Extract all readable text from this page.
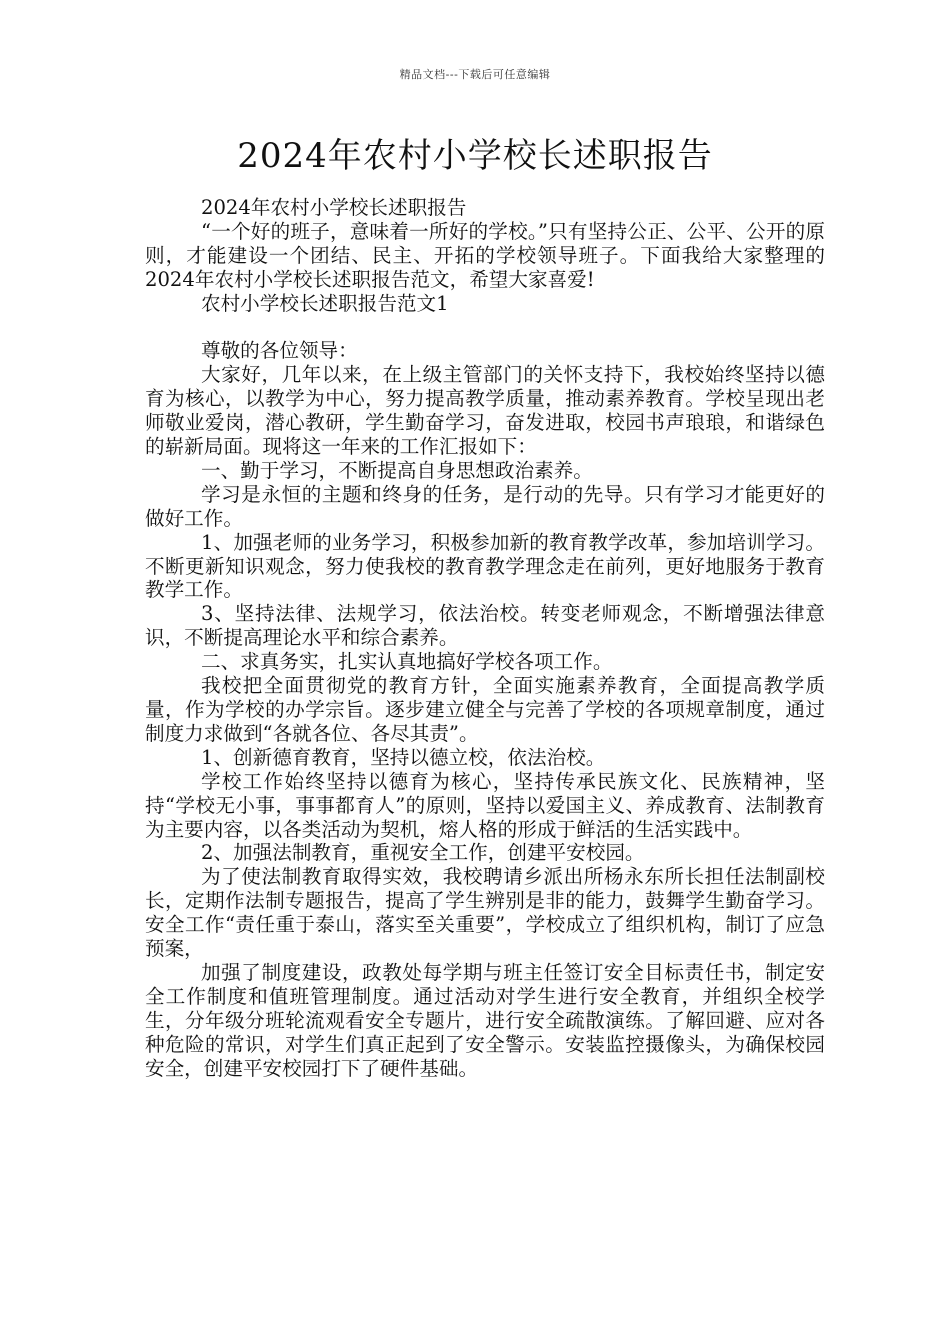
精品文档---下载后可任意编辑
2024年农村小学校长述职报告

2024年农村小学校长述职报告

“一个好的班子，意味着一所好的学校。”只有坚持公正、公平、公开的原则，才能建设一个团结、民主、开拓的学校领导班子。下面我给大家整理的2024年农村小学校长述职报告范文，希望大家喜爱!

农村小学校长述职报告范文1

尊敬的各位领导：

大家好，几年以来，在上级主管部门的关怀支持下，我校始终坚持以德育为核心，以教学为中心，努力提高教学质量，推动素养教育。学校呈现出老师敬业爱岗，潜心教研，学生勤奋学习，奋发进取，校园书声琅琅，和谐绿色的崭新局面。现将这一年来的工作汇报如下：

一、勤于学习，不断提高自身思想政治素养。

学习是永恒的主题和终身的任务，是行动的先导。只有学习才能更好的做好工作。

1、加强老师的业务学习，积极参加新的教育教学改革，参加培训学习。不断更新知识观念，努力使我校的教育教学理念走在前列，更好地服务于教育教学工作。

3、坚持法律、法规学习，依法治校。转变老师观念，不断增强法律意识，不断提高理论水平和综合素养。

二、求真务实，扎实认真地搞好学校各项工作。

我校把全面贯彻党的教育方针，全面实施素养教育，全面提高教学质量，作为学校的办学宗旨。逐步建立健全与完善了学校的各项规章制度，通过制度力求做到“各就各位、各尽其责”。

1、创新德育教育，坚持以德立校，依法治校。

学校工作始终坚持以德育为核心，坚持传承民族文化、民族精神，坚持“学校无小事，事事都育人”的原则，坚持以爱国主义、养成教育、法制教育为主要内容，以各类活动为契机，熔人格的形成于鲜活的生活实践中。

2、加强法制教育，重视安全工作，创建平安校园。

为了使法制教育取得实效，我校聘请乡派出所杨永东所长担任法制副校长，定期作法制专题报告，提高了学生辨别是非的能力，鼓舞学生勤奋学习。安全工作“责任重于泰山，落实至关重要”，学校成立了组织机构，制订了应急预案，

加强了制度建设，政教处每学期与班主任签订安全目标责任书，制定安全工作制度和值班管理制度。通过活动对学生进行安全教育，并组织全校学生，分年级分班轮流观看安全专题片，进行安全疏散演练。了解回避、应对各种危险的常识，对学生们真正起到了安全警示。安装监控摄像头，为确保校园安全，创建平安校园打下了硬件基础。
